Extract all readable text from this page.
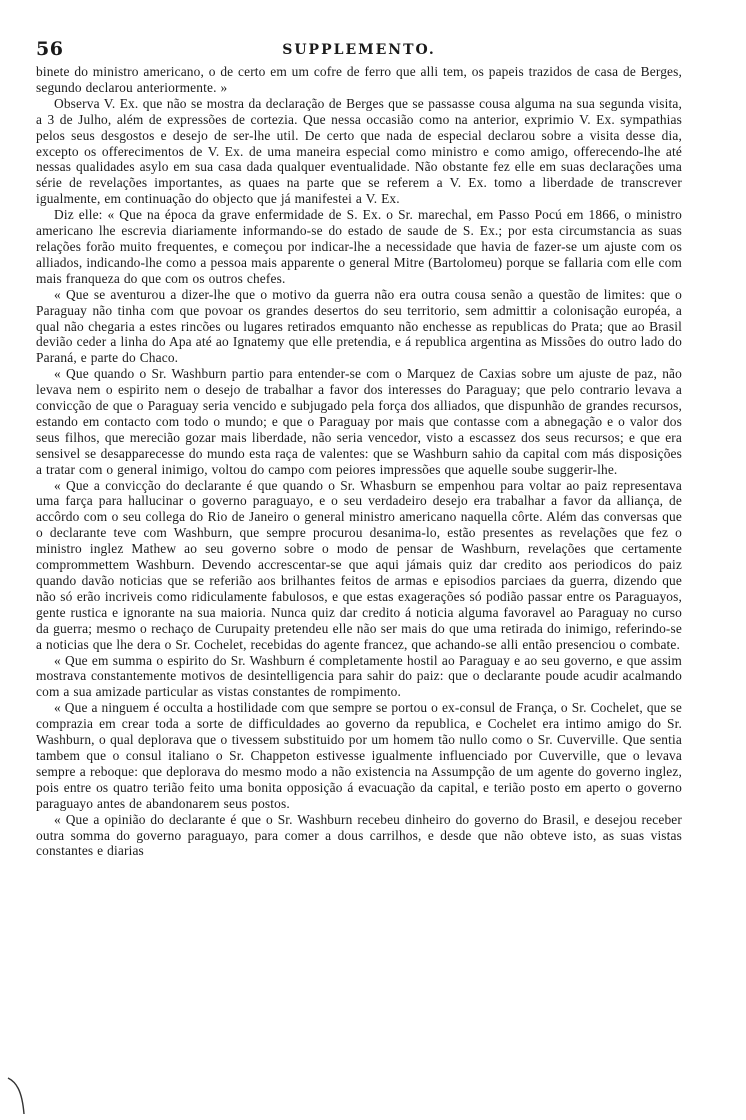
56	SUPPLEMENTO.

binete do ministro americano, o de certo em um cofre de ferro que alli tem, os papeis trazidos de casa de Berges, segundo declarou anteriormente. »

Observa V. Ex. que não se mostra da declaração de Berges que se passasse cousa alguma na sua segunda visita, a 3 de Julho, além de expressões de cortezia. Que nessa occasião como na anterior, exprimio V. Ex. sympathias pelos seus desgostos e desejo de ser-lhe util. De certo que nada de especial declarou sobre a visita desse dia, excepto os offerecimentos de V. Ex. de uma maneira especial como ministro e como amigo, offerecendo-lhe até nessas qualidades asylo em sua casa dada qualquer eventualidade. Não obstante fez elle em suas declarações uma série de revelações importantes, as quaes na parte que se referem a V. Ex. tomo a liberdade de transcrever igualmente, em continuação do objecto que já manifestei a V. Ex.

Diz elle: « Que na época da grave enfermidade de S. Ex. o Sr. marechal, em Passo Pocú em 1866, o ministro americano lhe escrevia diariamente informando-se do estado de saude de S. Ex.; por esta circumstancia as suas relações forão muito frequentes, e começou por indicar-lhe a necessidade que havia de fazer-se um ajuste com os alliados, indicando-lhe como a pessoa mais apparente o general Mitre (Bartolomeu) porque se fallaria com elle com mais franqueza do que com os outros chefes.

« Que se aventurou a dizer-lhe que o motivo da guerra não era outra cousa senão a questão de limites: que o Paraguay não tinha com que povoar os grandes desertos do seu territorio, sem admittir a colonisação européa, a qual não chegaria a estes rincões ou lugares retirados emquanto não enchesse as republicas do Prata; que ao Brasil devião ceder a linha do Apa até ao Ignatemy que elle pretendia, e á republica argentina as Missões do outro lado do Paraná, e parte do Chaco.

« Que quando o Sr. Washburn partio para entender-se com o Marquez de Caxias sobre um ajuste de paz, não levava nem o espirito nem o desejo de trabalhar a favor dos interesses do Paraguay; que pelo contrario levava a convicção de que o Paraguay seria vencido e subjugado pela força dos alliados, que dispunhão de grandes recursos, estando em contacto com todo o mundo; e que o Paraguay por mais que contasse com a abnegação e o valor dos seus filhos, que merecião gozar mais liberdade, não seria vencedor, visto a escassez dos seus recursos; e que era sensivel se desapparecesse do mundo esta raça de valentes: que se Washburn sahio da capital com más disposições a tratar com o general inimigo, voltou do campo com peiores impressões que aquelle soube suggerir-lhe.

« Que a convicção do declarante é que quando o Sr. Whasburn se empenhou para voltar ao paiz representava uma farça para hallucinar o governo paraguayo, e o seu verdadeiro desejo era trabalhar a favor da alliança, de accôrdo com o seu collega do Rio de Janeiro o general ministro americano naquella côrte. Além das conversas que o declarante teve com Washburn, que sempre procurou desanima-lo, estão presentes as revelações que fez o ministro inglez Mathew ao seu governo sobre o modo de pensar de Washburn, revelações que certamente comprommettem Washburn. Devendo accrescentar-se que aqui jámais quiz dar credito aos periodicos do paiz quando davão noticias que se referião aos brilhantes feitos de armas e episodios parciaes da guerra, dizendo que não só erão incriveis como ridiculamente fabulosos, e que estas exagerações só podião passar entre os Paraguayos, gente rustica e ignorante na sua maioria. Nunca quiz dar credito á noticia alguma favoravel ao Paraguay no curso da guerra; mesmo o rechaço de Curupaity pretendeu elle não ser mais do que uma retirada do inimigo, referindo-se a noticias que lhe dera o Sr. Cochelet, recebidas do agente francez, que achando-se alli então presenciou o combate.

« Que em summa o espirito do Sr. Washburn é completamente hostil ao Paraguay e ao seu governo, e que assim mostrava constantemente motivos de desintelligencia para sahir do paiz: que o declarante poude acudir acalmando com a sua amizade particular as vistas constantes de rompimento.

« Que a ninguem é occulta a hostilidade com que sempre se portou o ex-consul de França, o Sr. Cochelet, que se comprazia em crear toda a sorte de difficuldades ao governo da republica, e Cochelet era intimo amigo do Sr. Washburn, o qual deplorava que o tivessem substituido por um homem tão nullo como o Sr. Cuverville. Que sentia tambem que o consul italiano o Sr. Chappeton estivesse igualmente influenciado por Cuverville, que o levava sempre a reboque: que deplorava do mesmo modo a não existencia na Assumpção de um agente do governo inglez, pois entre os quatro terião feito uma bonita opposição á evacuação da capital, e terião posto em aperto o governo paraguayo antes de abandonarem seus postos.

« Que a opinião do declarante é que o Sr. Washburn recebeu dinheiro do governo do Brasil, e desejou receber outra somma do governo paraguayo, para comer a dous carrilhos, e desde que não obteve isto, as suas vistas constantes e diarias
